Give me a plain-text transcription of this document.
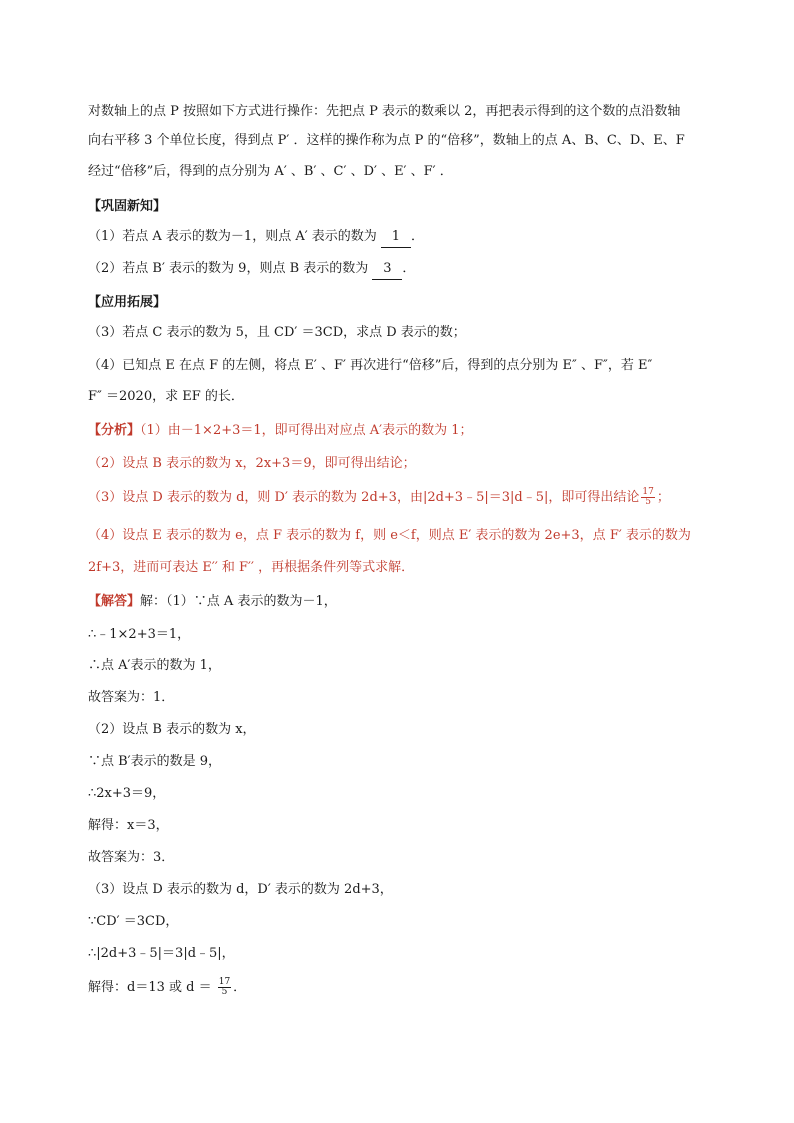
对数轴上的点 P 按照如下方式进行操作：先把点 P 表示的数乘以 2，再把表示得到的这个数的点沿数轴
向右平移 3 个单位长度，得到点 P′ ．这样的操作称为点 P 的“倍移”，数轴上的点 A、B、C、D、E、F
经过“倍移”后，得到的点分别为 A′ 、B′ 、C′ 、D′ 、E′ 、F′ ．
【巩固新知】
（1）若点 A 表示的数为－1，则点 A′ 表示的数为 1 ．
（2）若点 B′ 表示的数为 9，则点 B 表示的数为 3 ．
【应用拓展】
（3）若点 C 表示的数为 5，且 CD′ ＝3CD，求点 D 表示的数；
（4）已知点 E 在点 F 的左侧，将点 E′ 、F′ 再次进行“倍移”后，得到的点分别为 E″ 、F″，若 E″
F″ ＝2020，求 EF 的长．
【分析】（1）由－1×2+3＝1，即可得出对应点 A′表示的数为 1；
（2）设点 B 表示的数为 x，2x+3＝9，即可得出结论；
（3）设点 D 表示的数为 d，则 D′ 表示的数为 2d+3，由|2d+3﹣5|＝3|d﹣5|，即可得出结论 $\frac{17}{5}$ ；
（4）设点 E 表示的数为 e，点 F 表示的数为 f，则 e＜f，则点 E′ 表示的数为 2e+3，点 F′ 表示的数为
2f+3，进而可表达 E′′ 和 F′′ ，再根据条件列等式求解．
【解答】解：（1）∵点 A 表示的数为－1，
∴﹣1×2+3＝1，
∴点 A′表示的数为 1，
故答案为：1．
（2）设点 B 表示的数为 x，
∵点 B′表示的数是 9，
∴2x+3＝9，
解得：x＝3，
故答案为：3．
（3）设点 D 表示的数为 d，D′ 表示的数为 2d+3，
∵CD′ ＝3CD，
∴|2d+3﹣5|＝3|d﹣5|，
解得：d＝13 或 $d = \frac{17}{5}$ ．
